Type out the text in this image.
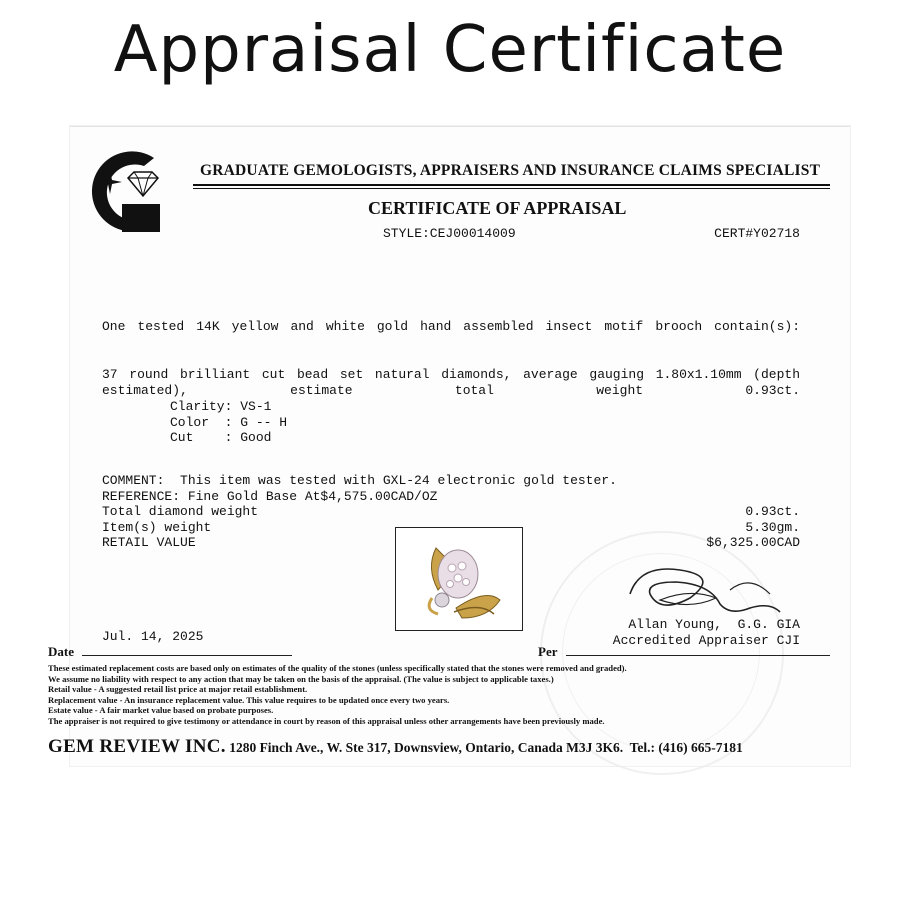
Appraisal Certificate
GRADUATE GEMOLOGISTS, APPRAISERS AND INSURANCE CLAIMS SPECIALIST
CERTIFICATE OF APPRAISAL
STYLE:CEJ00014009	CERT#Y02718
One tested 14K yellow and white gold hand assembled insect motif brooch contain(s):
37 round brilliant cut bead set natural diamonds, average gauging 1.80x1.10mm (depth estimated), estimate total weight 0.93ct.
Clarity: VS-1
Color  : G -- H
Cut    : Good
COMMENT:  This item was tested with GXL-24 electronic gold tester.
REFERENCE: Fine Gold Base At$4,575.00CAD/OZ
Total diamond weight	0.93ct.
Item(s) weight	5.30gm.
RETAIL VALUE	$6,325.00CAD
Allan Young,  G.G. GIA
Accredited Appraiser CJI
Jul. 14, 2025
Date	Per
These estimated replacement costs are based only on estimates of the quality of the stones (unless specifically stated that the stones were removed and graded).
We assume no liability with respect to any action that may be taken on the basis of the appraisal. (The value is subject to applicable taxes.)
Retail value - A suggested retail list price at major retail establishment.
Replacement value - An insurance replacement value. This value requires to be updated once every two years.
Estate value - A fair market value based on probate purposes.
The appraiser is not required to give testimony or attendance in court by reason of this appraisal unless other arrangements have been previously made.
GEM REVIEW INC. 1280 Finch Ave., W. Ste 317, Downsview, Ontario, Canada M3J 3K6.  Tel.: (416) 665-7181
